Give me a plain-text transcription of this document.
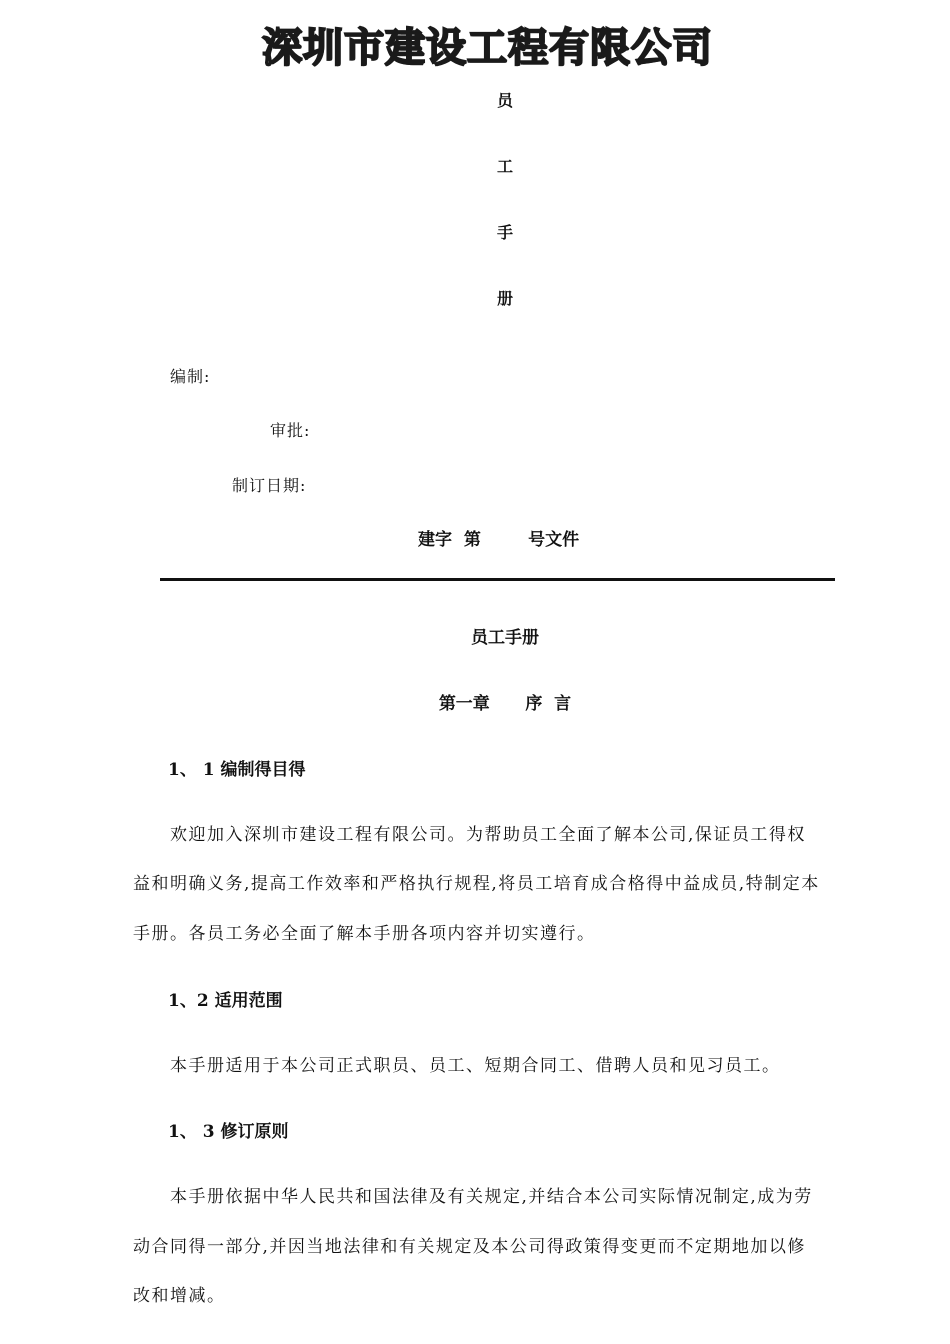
深圳市建设工程有限公司
员
工
手
册
编制:
审批:
制订日期:
建字  第        号文件
员工手册
第一章      序  言
1、 1 编制得目得
欢迎加入深圳市建设工程有限公司。为帮助员工全面了解本公司,保证员工得权
益和明确义务,提高工作效率和严格执行规程,将员工培育成合格得中益成员,特制定本
手册。各员工务必全面了解本手册各项内容并切实遵行。
1、2 适用范围
本手册适用于本公司正式职员、员工、短期合同工、借聘人员和见习员工。
1、 3 修订原则
本手册依据中华人民共和国法律及有关规定,并结合本公司实际情况制定,成为劳
动合同得一部分,并因当地法律和有关规定及本公司得政策得变更而不定期地加以修
改和增减。
